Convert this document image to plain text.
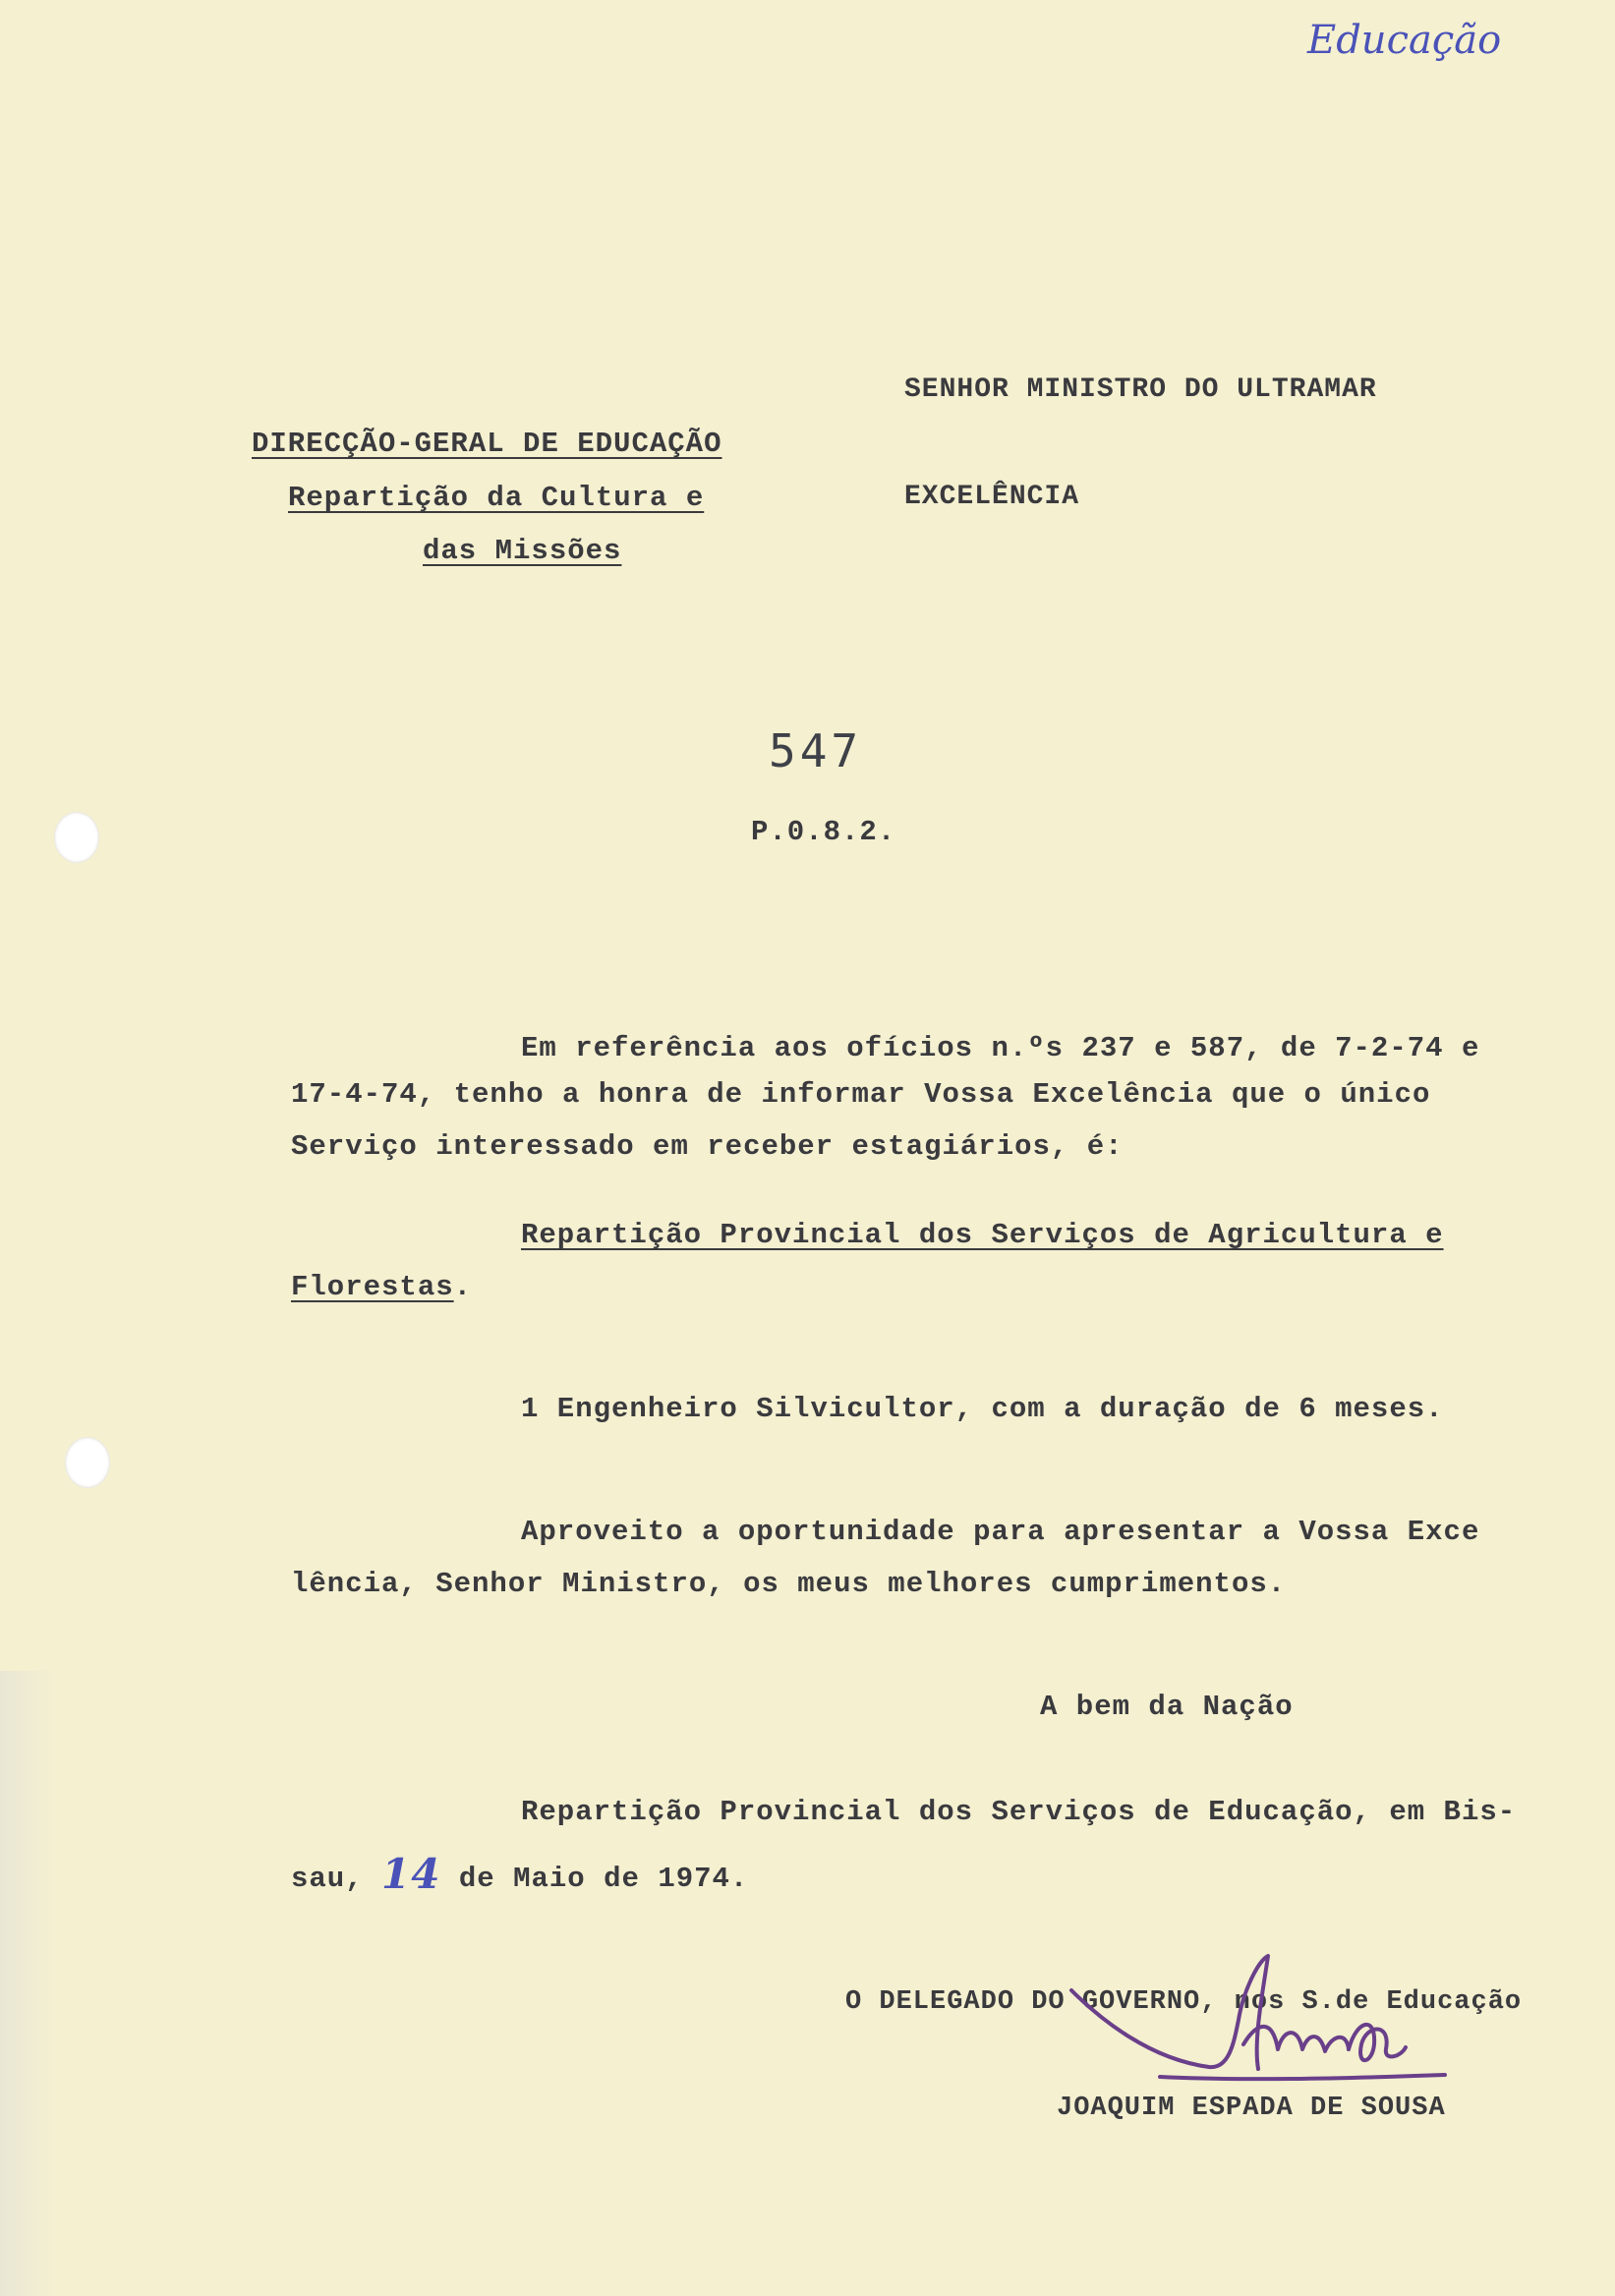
Educação

SENHOR MINISTRO DO ULTRAMAR

DIRECÇÃO-GERAL DE EDUCAÇÃO

EXCELÊNCIA

Repartição da Cultura e

das Missões

547

P.0.8.2.

Em referência aos ofícios n.ºs 237 e 587, de 7-2-74 e

17-4-74, tenho a honra de informar Vossa Excelência que o único

Serviço interessado em receber estagiários, é:

Repartição Provincial dos Serviços de Agricultura e

Florestas.

1 Engenheiro Silvicultor, com a duração de 6 meses.

Aproveito a oportunidade para apresentar a Vossa Exce

lência, Senhor Ministro, os meus melhores cumprimentos.

A bem da Nação

Repartição Provincial dos Serviços de Educação, em Bis-

sau, 14 de Maio de 1974.

O DELEGADO DO GOVERNO, nos S.de Educação

JOAQUIM ESPADA DE SOUSA
